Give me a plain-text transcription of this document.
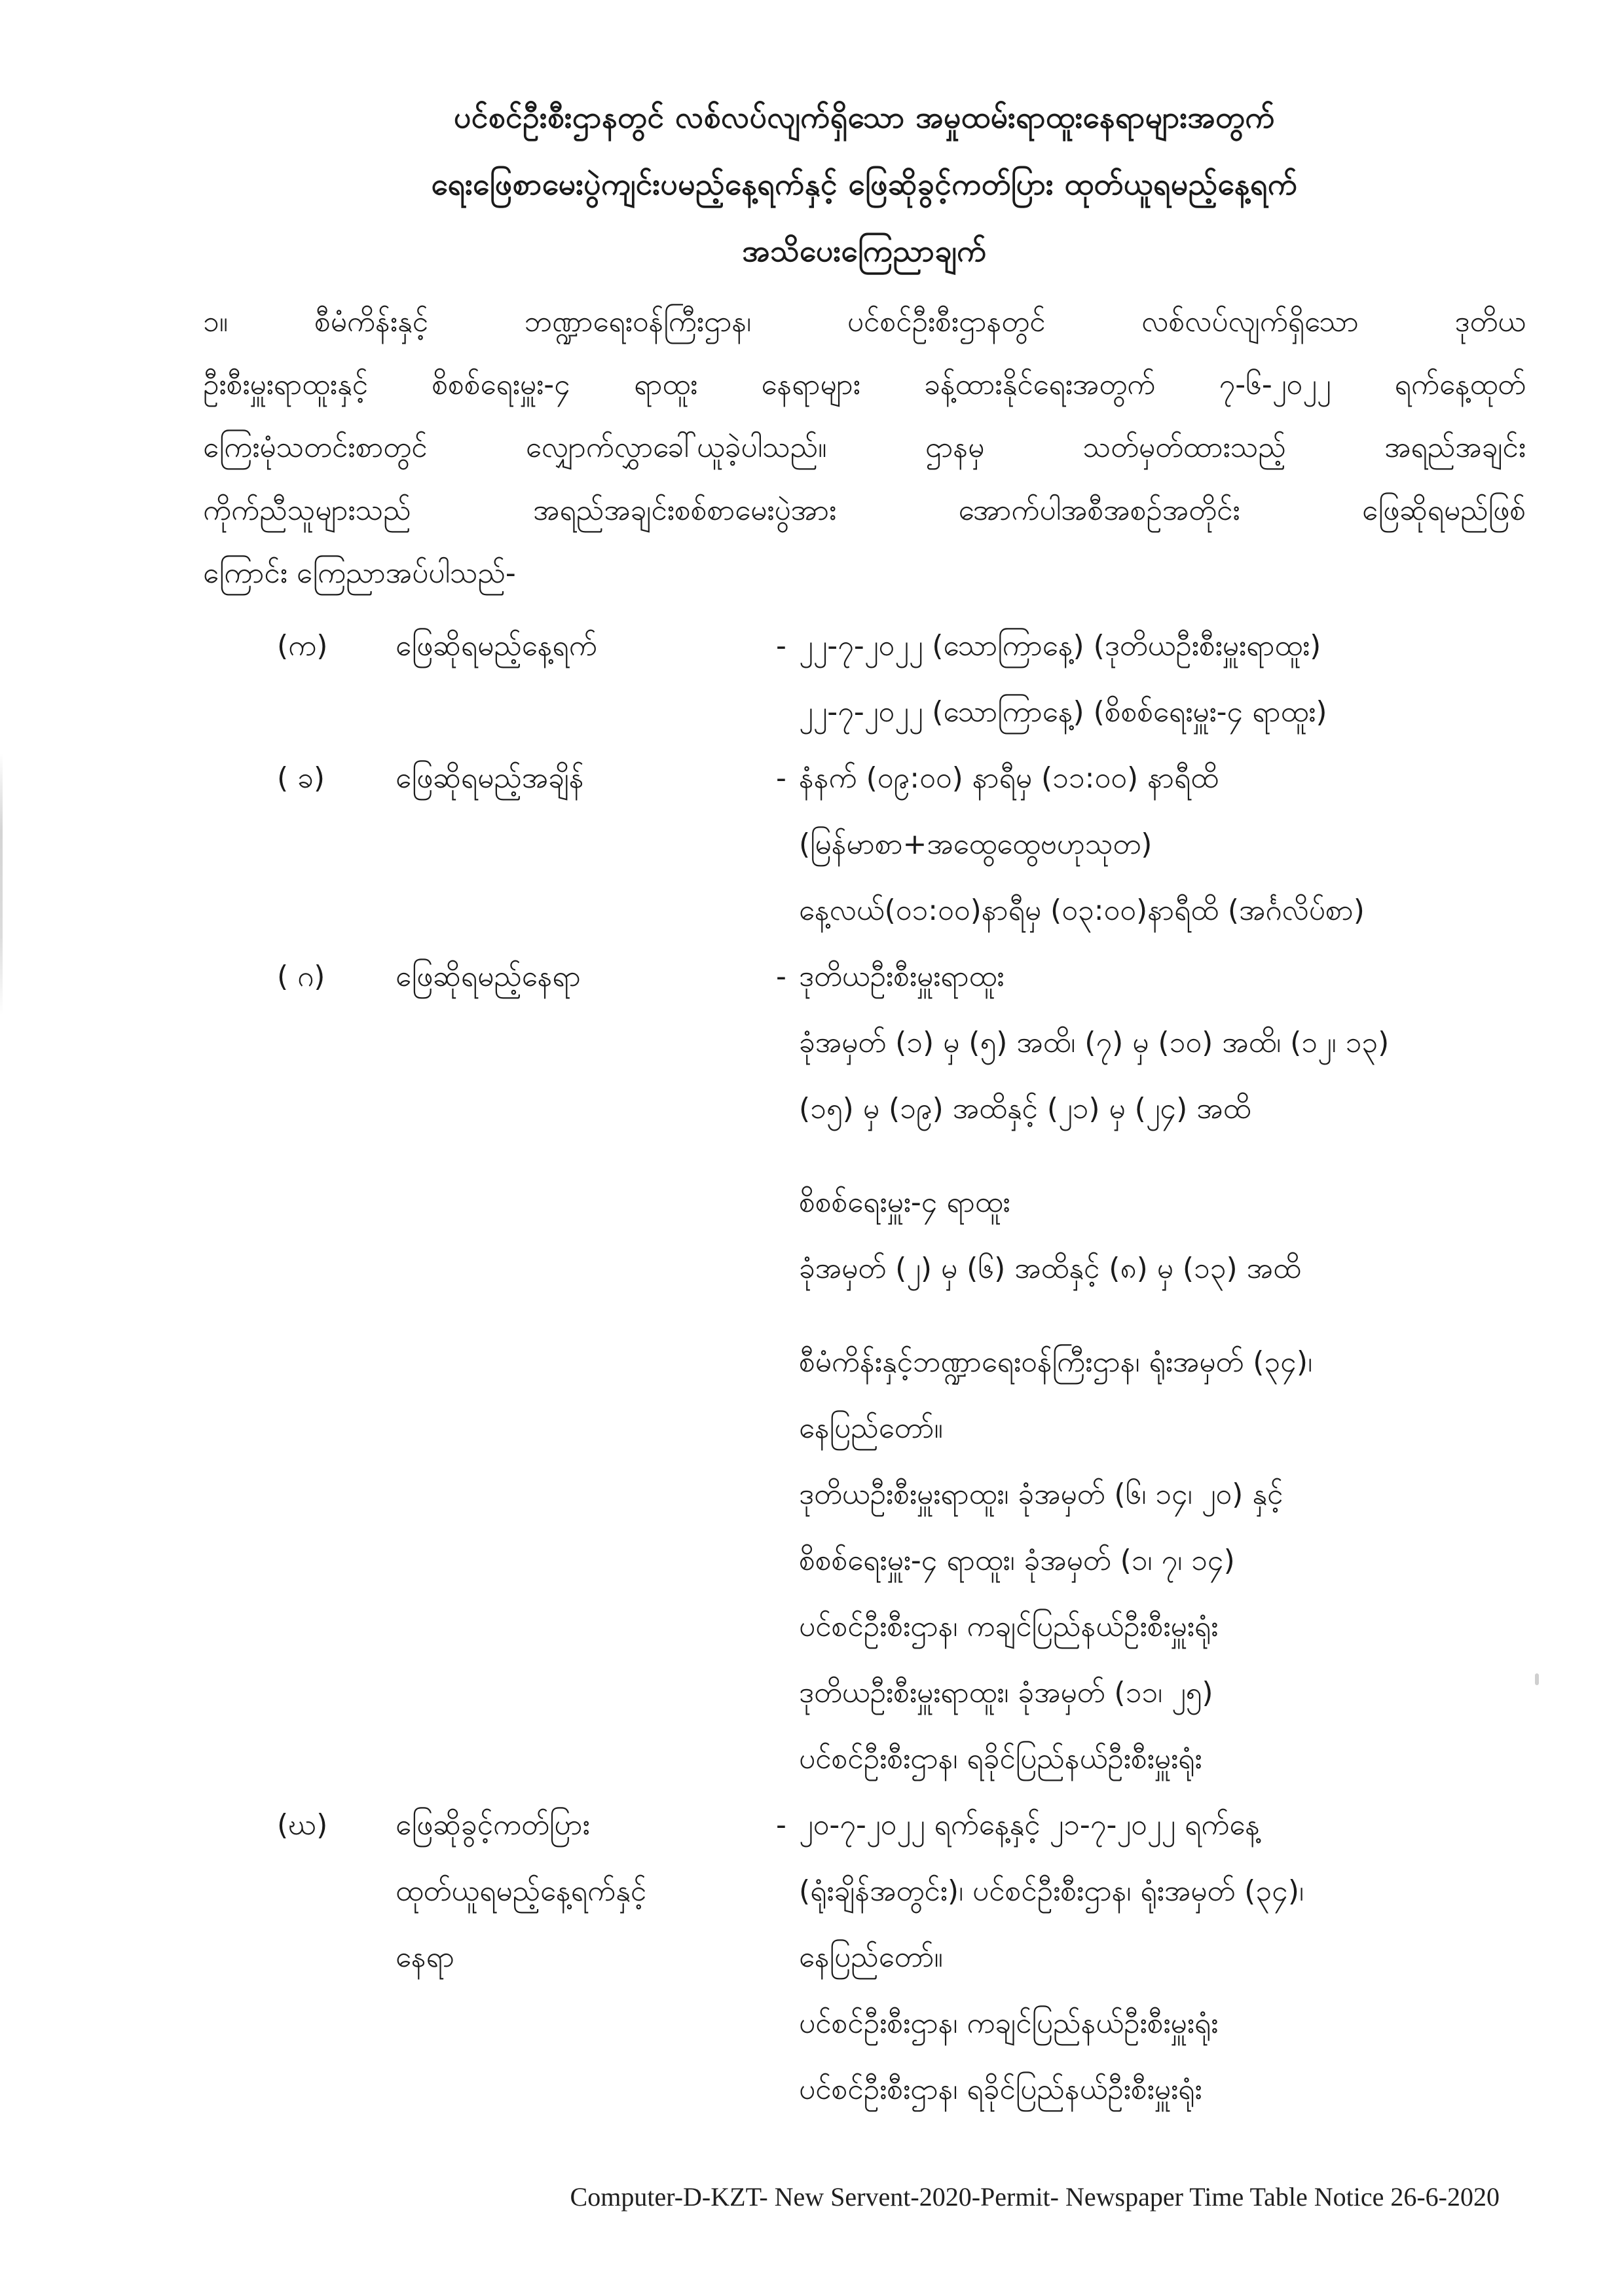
ပင်စင်ဦးစီးဌာနတွင် လစ်လပ်လျက်ရှိသော အမှုထမ်းရာထူးနေရာများအတွက်
ရေးဖြေစာမေးပွဲကျင်းပမည့်နေ့ရက်နှင့် ဖြေဆိုခွင့်ကတ်ပြား ထုတ်ယူရမည့်နေ့ရက်
အသိပေးကြေညာချက်
၁။	စီမံကိန်းနှင့် ဘဏ္ဍာရေးဝန်ကြီးဌာန၊ ပင်စင်ဦးစီးဌာနတွင် လစ်လပ်လျက်ရှိသော ဒုတိယ
ဦးစီးမှူးရာထူးနှင့် စိစစ်ရေးမှူး-၄ ရာထူး နေရာများ ခန့်ထားနိုင်ရေးအတွက် ၇-၆-၂၀၂၂ ရက်နေ့ထုတ်
ကြေးမုံသတင်းစာတွင် လျှောက်လွှာခေါ်ယူခဲ့ပါသည်။ ဌာနမှ သတ်မှတ်ထားသည့် အရည်အချင်း
ကိုက်ညီသူများသည် အရည်အချင်းစစ်စာမေးပွဲအား အောက်ပါအစီအစဉ်အတိုင်း ဖြေဆိုရမည်ဖြစ်
ကြောင်း ကြေညာအပ်ပါသည်-
(က)	ဖြေဆိုရမည့်နေ့ရက်	- ၂၂-၇-၂၀၂၂ (သောကြာနေ့) (ဒုတိယဦးစီးမှူးရာထူး)
၂၂-၇-၂၀၂၂ (သောကြာနေ့) (စိစစ်ရေးမှူး-၄ ရာထူး)
( ခ)	ဖြေဆိုရမည့်အချိန်	- နံနက် (၀၉:၀၀) နာရီမှ (၁၁:၀၀) နာရီထိ
(မြန်မာစာ+အထွေထွေဗဟုသုတ)
နေ့လယ်(၀၁:၀၀)နာရီမှ (၀၃:၀၀)နာရီထိ (အင်္ဂလိပ်စာ)
( ဂ)	ဖြေဆိုရမည့်နေရာ	- ဒုတိယဦးစီးမှူးရာထူး
ခုံအမှတ် (၁) မှ (၅) အထိ၊ (၇) မှ (၁၀) အထိ၊ (၁၂၊ ၁၃)
(၁၅) မှ (၁၉) အထိနှင့် (၂၁) မှ (၂၄) အထိ
စိစစ်ရေးမှူး-၄ ရာထူး
ခုံအမှတ် (၂) မှ (၆) အထိနှင့် (၈) မှ (၁၃) အထိ
စီမံကိန်းနှင့်ဘဏ္ဍာရေးဝန်ကြီးဌာန၊ ရုံးအမှတ် (၃၄)၊
နေပြည်တော်။
ဒုတိယဦးစီးမှူးရာထူး၊ ခုံအမှတ် (၆၊ ၁၄၊ ၂၀) နှင့်
စိစစ်ရေးမှူး-၄ ရာထူး၊ ခုံအမှတ် (၁၊ ၇၊ ၁၄)
ပင်စင်ဦးစီးဌာန၊ ကချင်ပြည်နယ်ဦးစီးမှူးရုံး
ဒုတိယဦးစီးမှူးရာထူး၊ ခုံအမှတ် (၁၁၊ ၂၅)
ပင်စင်ဦးစီးဌာန၊ ရခိုင်ပြည်နယ်ဦးစီးမှူးရုံး
(ဃ)	ဖြေဆိုခွင့်ကတ်ပြား	- ၂၀-၇-၂၀၂၂ ရက်နေ့နှင့် ၂၁-၇-၂၀၂၂ ရက်နေ့
ထုတ်ယူရမည့်နေ့ရက်နှင့်	(ရုံးချိန်အတွင်း)၊ ပင်စင်ဦးစီးဌာန၊ ရုံးအမှတ် (၃၄)၊
နေရာ	နေပြည်တော်။
ပင်စင်ဦးစီးဌာန၊ ကချင်ပြည်နယ်ဦးစီးမှူးရုံး
ပင်စင်ဦးစီးဌာန၊ ရခိုင်ပြည်နယ်ဦးစီးမှူးရုံး
Computer-D-KZT- New Servent-2020-Permit- Newspaper Time Table Notice 26-6-2020
